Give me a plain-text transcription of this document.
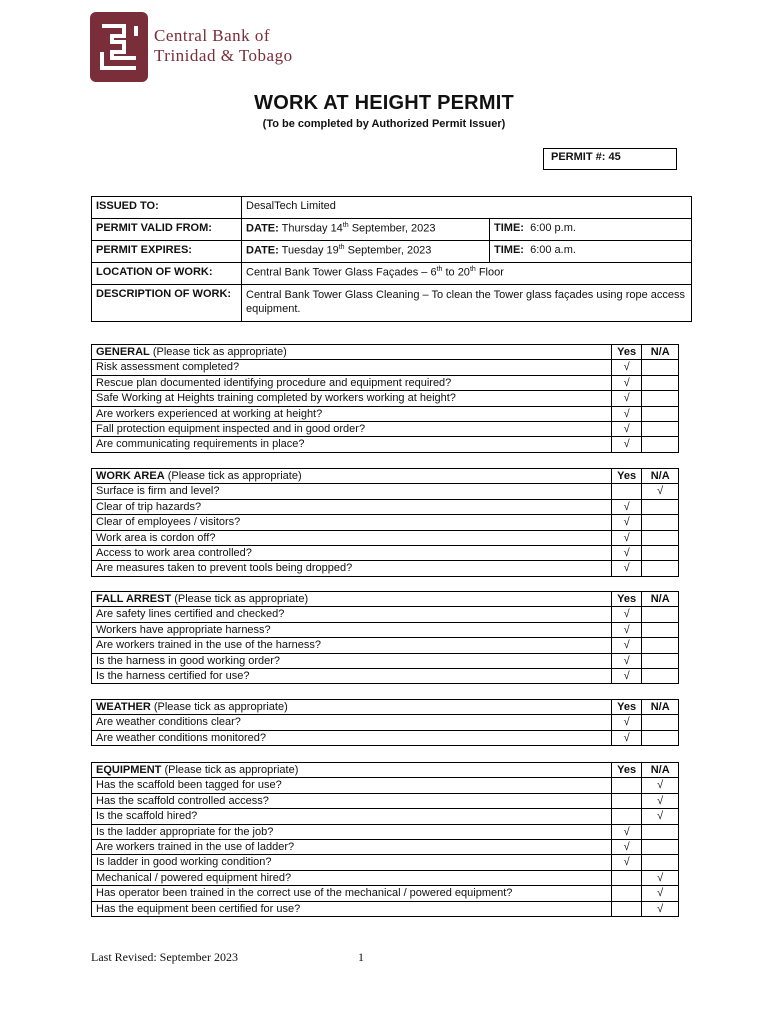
Central Bank of
Trinidad & Tobago
WORK AT HEIGHT PERMIT
(To be completed by Authorized Permit Issuer)
PERMIT #: 45
ISSUED TO:	DesalTech Limited	
PERMIT VALID FROM:	DATE: Thursday 14th September, 2023	TIME: 6:00 p.m.
PERMIT EXPIRES:	DATE: Tuesday 19th September, 2023	TIME: 6:00 a.m.
LOCATION OF WORK:	Central Bank Tower Glass Façades – 6th to 20th Floor	
DESCRIPTION OF WORK:	Central Bank Tower Glass Cleaning – To clean the Tower glass façades using rope access equipment.	
GENERAL (Please tick as appropriate)	Yes	N/A
Risk assessment completed?	√	
Rescue plan documented identifying procedure and equipment required?	√	
Safe Working at Heights training completed by workers working at height?	√	
Are workers experienced at working at height?	√	
Fall protection equipment inspected and in good order?	√	
Are communicating requirements in place?	√	
WORK AREA (Please tick as appropriate)	Yes	N/A
Surface is firm and level?		√
Clear of trip hazards?	√	
Clear of employees / visitors?	√	
Work area is cordon off?	√	
Access to work area controlled?	√	
Are measures taken to prevent tools being dropped?	√	
FALL ARREST (Please tick as appropriate)	Yes	N/A
Are safety lines certified and checked?	√	
Workers have appropriate harness?	√	
Are workers trained in the use of the harness?	√	
Is the harness in good working order?	√	
Is the harness certified for use?	√	
WEATHER (Please tick as appropriate)	Yes	N/A
Are weather conditions clear?	√	
Are weather conditions monitored?	√	
EQUIPMENT (Please tick as appropriate)	Yes	N/A
Has the scaffold been tagged for use?		√
Has the scaffold controlled access?		√
Is the scaffold hired?		√
Is the ladder appropriate for the job?	√	
Are workers trained in the use of ladder?	√	
Is ladder in good working condition?	√	
Mechanical / powered equipment hired?		√
Has operator been trained in the correct use of the mechanical / powered equipment?		√
Has the equipment been certified for use?		√
Last Revised: September 2023	1
